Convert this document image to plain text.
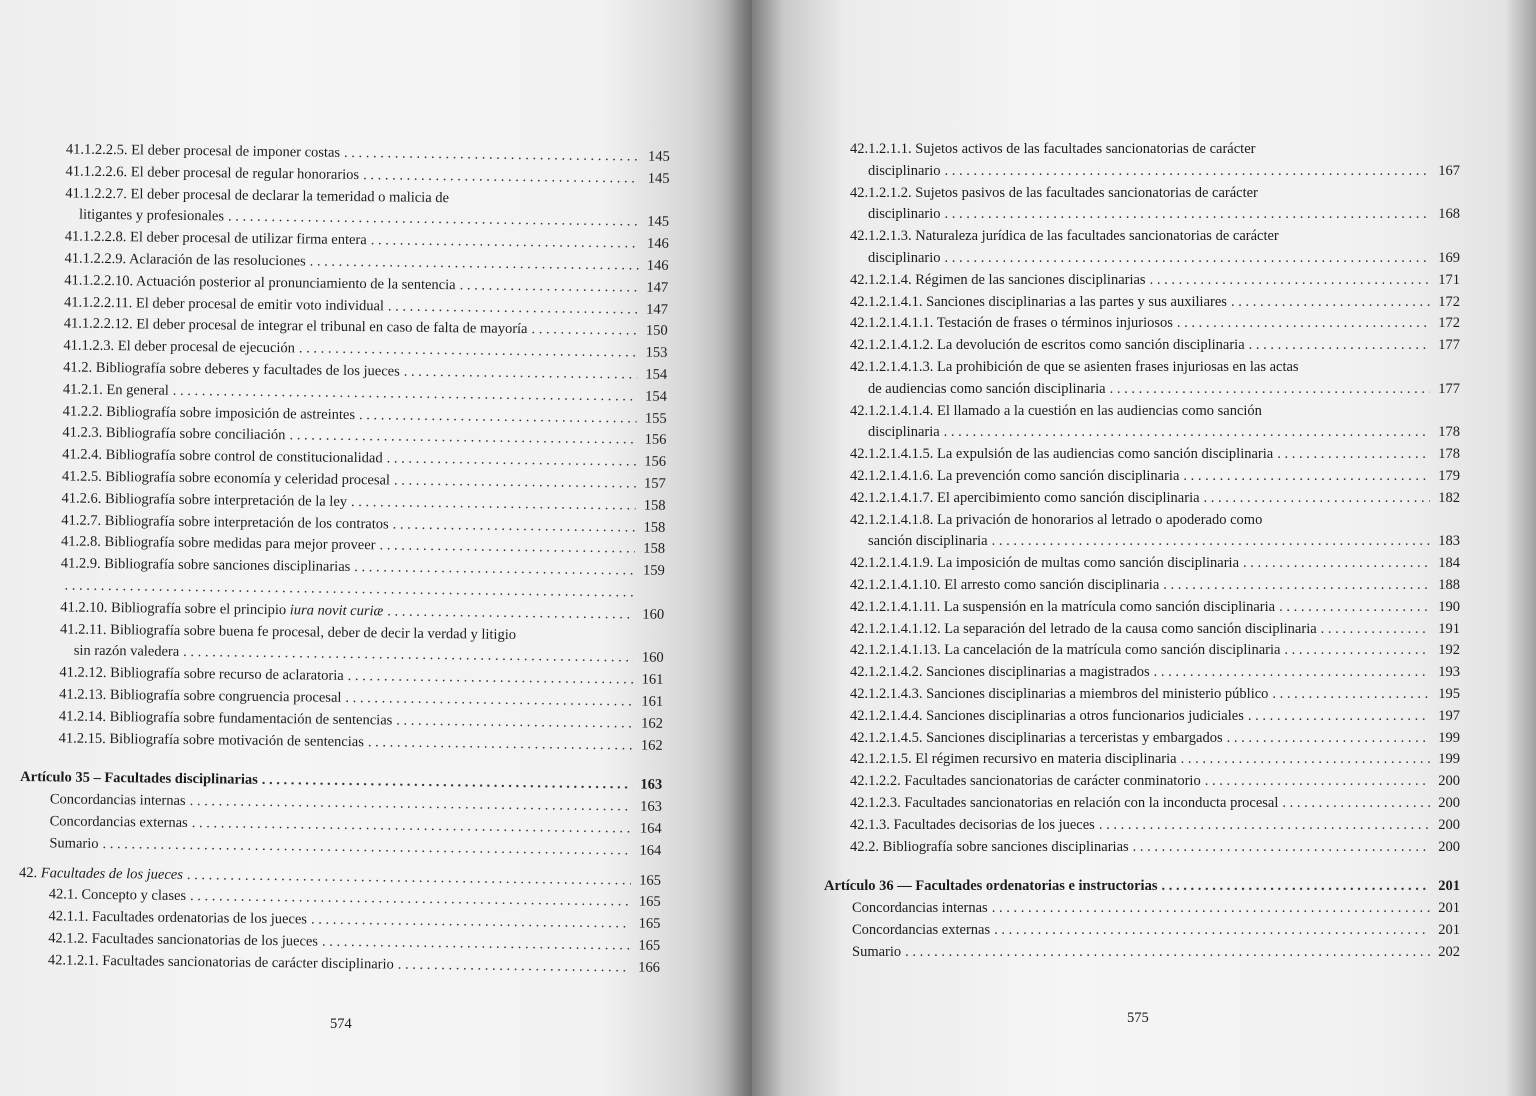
41.1.2.2.5. El deber procesal de imponer costas . . .	145
41.1.2.2.6. El deber procesal de regular honorarios . . .	145
41.1.2.2.7. El deber procesal de declarar la temeridad o malicia de
litigantes y profesionales . . .	145
41.1.2.2.8. El deber procesal de utilizar firma entera . . .	146
41.1.2.2.9. Aclaración de las resoluciones . . .	146
41.1.2.2.10. Actuación posterior al pronunciamiento de la sentencia . . .	147
41.1.2.2.11. El deber procesal de emitir voto individual . . .	147
41.1.2.2.12. El deber procesal de integrar el tribunal en caso de falta de mayoría . . .	150
41.1.2.3. El deber procesal de ejecución . . .	153
41.2. Bibliografía sobre deberes y facultades de los jueces . . .	154
41.2.1. En general . . .	154
41.2.2. Bibliografía sobre imposición de astreintes . . .	155
41.2.3. Bibliografía sobre conciliación . . .	156
41.2.4. Bibliografía sobre control de constitucionalidad . . .	156
41.2.5. Bibliografía sobre economía y celeridad procesal . . .	157
41.2.6. Bibliografía sobre interpretación de la ley . . .	158
41.2.7. Bibliografía sobre interpretación de los contratos . . .	158
41.2.8. Bibliografía sobre medidas para mejor proveer . . .	158
41.2.9. Bibliografía sobre sanciones disciplinarias . . .	159
. . .
41.2.10. Bibliografía sobre el principio iura novit curiæ . . .	160
41.2.11. Bibliografía sobre buena fe procesal, deber de decir la verdad y litigio
sin razón valedera . . .	160
41.2.12. Bibliografía sobre recurso de aclaratoria . . .	161
41.2.13. Bibliografía sobre congruencia procesal . . .	161
41.2.14. Bibliografía sobre fundamentación de sentencias . . .	162
41.2.15. Bibliografía sobre motivación de sentencias . . .	162
Artículo 35 – Facultades disciplinarias . . .	163
Concordancias internas . . .	163
Concordancias externas . . .	164
Sumario . . .	164
42. Facultades de los jueces . . .	165
42.1. Concepto y clases . . .	165
42.1.1. Facultades ordenatorias de los jueces . . .	165
42.1.2. Facultades sancionatorias de los jueces . . .	165
42.1.2.1. Facultades sancionatorias de carácter disciplinario . . .	166
574
42.1.2.1.1. Sujetos activos de las facultades sancionatorias de carácter
disciplinario . . .	167
42.1.2.1.2. Sujetos pasivos de las facultades sancionatorias de carácter
disciplinario . . .	168
42.1.2.1.3. Naturaleza jurídica de las facultades sancionatorias de carácter
disciplinario . . .	169
42.1.2.1.4. Régimen de las sanciones disciplinarias . . .	171
42.1.2.1.4.1. Sanciones disciplinarias a las partes y sus auxiliares . . .	172
42.1.2.1.4.1.1. Testación de frases o términos injuriosos . . .	172
42.1.2.1.4.1.2. La devolución de escritos como sanción disciplinaria . . .	177
42.1.2.1.4.1.3. La prohibición de que se asienten frases injuriosas en las actas
de audiencias como sanción disciplinaria . . .	177
42.1.2.1.4.1.4. El llamado a la cuestión en las audiencias como sanción
disciplinaria . . .	178
42.1.2.1.4.1.5. La expulsión de las audiencias como sanción disciplinaria . . .	178
42.1.2.1.4.1.6. La prevención como sanción disciplinaria . . .	179
42.1.2.1.4.1.7. El apercibimiento como sanción disciplinaria . . .	182
42.1.2.1.4.1.8. La privación de honorarios al letrado o apoderado como
sanción disciplinaria . . .	183
42.1.2.1.4.1.9. La imposición de multas como sanción disciplinaria . . .	184
42.1.2.1.4.1.10. El arresto como sanción disciplinaria . . .	188
42.1.2.1.4.1.11. La suspensión en la matrícula como sanción disciplinaria . . .	190
42.1.2.1.4.1.12. La separación del letrado de la causa como sanción disciplinaria . . .	191
42.1.2.1.4.1.13. La cancelación de la matrícula como sanción disciplinaria . . .	192
42.1.2.1.4.2. Sanciones disciplinarias a magistrados . . .	193
42.1.2.1.4.3. Sanciones disciplinarias a miembros del ministerio público . . .	195
42.1.2.1.4.4. Sanciones disciplinarias a otros funcionarios judiciales . . .	197
42.1.2.1.4.5. Sanciones disciplinarias a terceristas y embargados . . .	199
42.1.2.1.5. El régimen recursivo en materia disciplinaria . . .	199
42.1.2.2. Facultades sancionatorias de carácter conminatorio . . .	200
42.1.2.3. Facultades sancionatorias en relación con la inconducta procesal . . .	200
42.1.3. Facultades decisorias de los jueces . . .	200
42.2. Bibliografía sobre sanciones disciplinarias . . .	200
Artículo 36 — Facultades ordenatorias e instructorias . . .	201
Concordancias internas . . .	201
Concordancias externas . . .	201
Sumario . . .	202
575
